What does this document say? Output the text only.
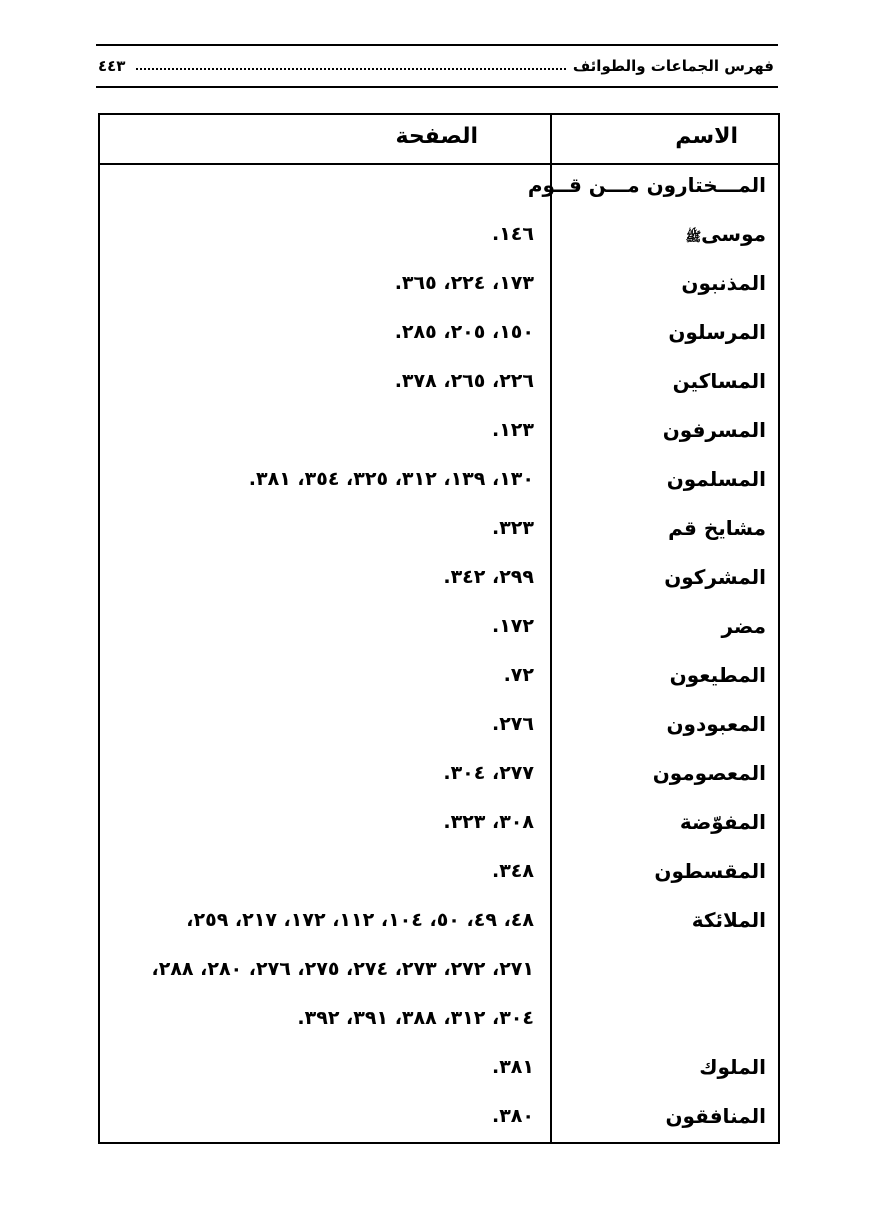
فهرس الجماعات والطوائف
٤٤٣
الاسم
الصفحة
المـــختارون مـــن قــوم
موسىﷺ
١٤٦.
المذنبون
١٧٣، ٢٢٤، ٣٦٥.
المرسلون
١٥٠، ٢٠٥، ٢٨٥.
المساكين
٢٢٦، ٢٦٥، ٣٧٨.
المسرفون
١٢٣.
المسلمون
١٣٠، ١٣٩، ٣١٢، ٣٢٥، ٣٥٤، ٣٨١.
مشايخ قم
٣٢٣.
المشركون
٢٩٩، ٣٤٢.
مضر
١٧٢.
المطيعون
٧٢.
المعبودون
٢٧٦.
المعصومون
٢٧٧، ٣٠٤.
المفوّضة
٣٠٨، ٣٢٣.
المقسطون
٣٤٨.
الملائكة
٤٨، ٤٩، ٥٠، ١٠٤، ١١٢، ١٧٢، ٢١٧، ٢٥٩،
٢٧١، ٢٧٢، ٢٧٣، ٢٧٤، ٢٧٥، ٢٧٦، ٢٨٠، ٢٨٨،
٣٠٤، ٣١٢، ٣٨٨، ٣٩١، ٣٩٢.
الملوك
٣٨١.
المنافقون
٣٨٠.
